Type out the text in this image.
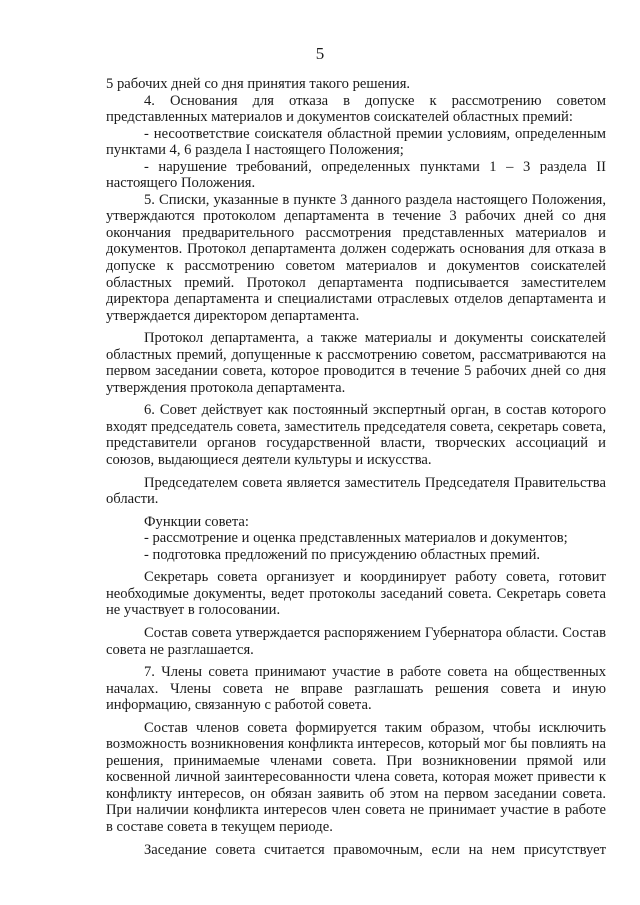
5

5 рабочих дней со дня принятия такого решения.

4. Основания для отказа в допуске к рассмотрению советом представленных материалов и документов соискателей областных премий:

- несоответствие соискателя областной премии условиям, определенным пунктами 4, 6 раздела I настоящего Положения;

- нарушение требований, определенных пунктами 1 – 3 раздела II настоящего Положения.

5. Списки, указанные в пункте 3 данного раздела настоящего Положения, утверждаются протоколом департамента в течение 3 рабочих дней со дня окончания предварительного рассмотрения представленных материалов и документов. Протокол департамента должен содержать основания для отказа в допуске к рассмотрению советом материалов и документов соискателей областных премий. Протокол департамента подписывается заместителем директора департамента и специалистами отраслевых отделов департамента и утверждается директором департамента.

Протокол департамента, а также материалы и документы соискателей областных премий, допущенные к рассмотрению советом, рассматриваются на первом заседании совета, которое проводится в течение 5 рабочих дней со дня утверждения протокола департамента.

6. Совет действует как постоянный экспертный орган, в состав которого входят председатель совета, заместитель председателя совета, секретарь совета, представители органов государственной власти, творческих ассоциаций и союзов, выдающиеся деятели культуры и искусства.

Председателем совета является заместитель Председателя Правительства области.

Функции совета:

- рассмотрение и оценка представленных материалов и документов;

- подготовка предложений по присуждению областных премий.

Секретарь совета организует и координирует работу совета, готовит необходимые документы, ведет протоколы заседаний совета. Секретарь совета не участвует в голосовании.

Состав совета утверждается распоряжением Губернатора области. Состав совета не разглашается.

7. Члены совета принимают участие в работе совета на общественных началах. Члены совета не вправе разглашать решения совета и иную информацию, связанную с работой совета.

Состав членов совета формируется таким образом, чтобы исключить возможность возникновения конфликта интересов, который мог бы повлиять на решения, принимаемые членами совета. При возникновении прямой или косвенной личной заинтересованности члена совета, которая может привести к конфликту интересов, он обязан заявить об этом на первом заседании совета. При наличии конфликта интересов член совета не принимает участие в работе в составе совета в текущем периоде.

Заседание совета считается правомочным, если на нем присутствует
